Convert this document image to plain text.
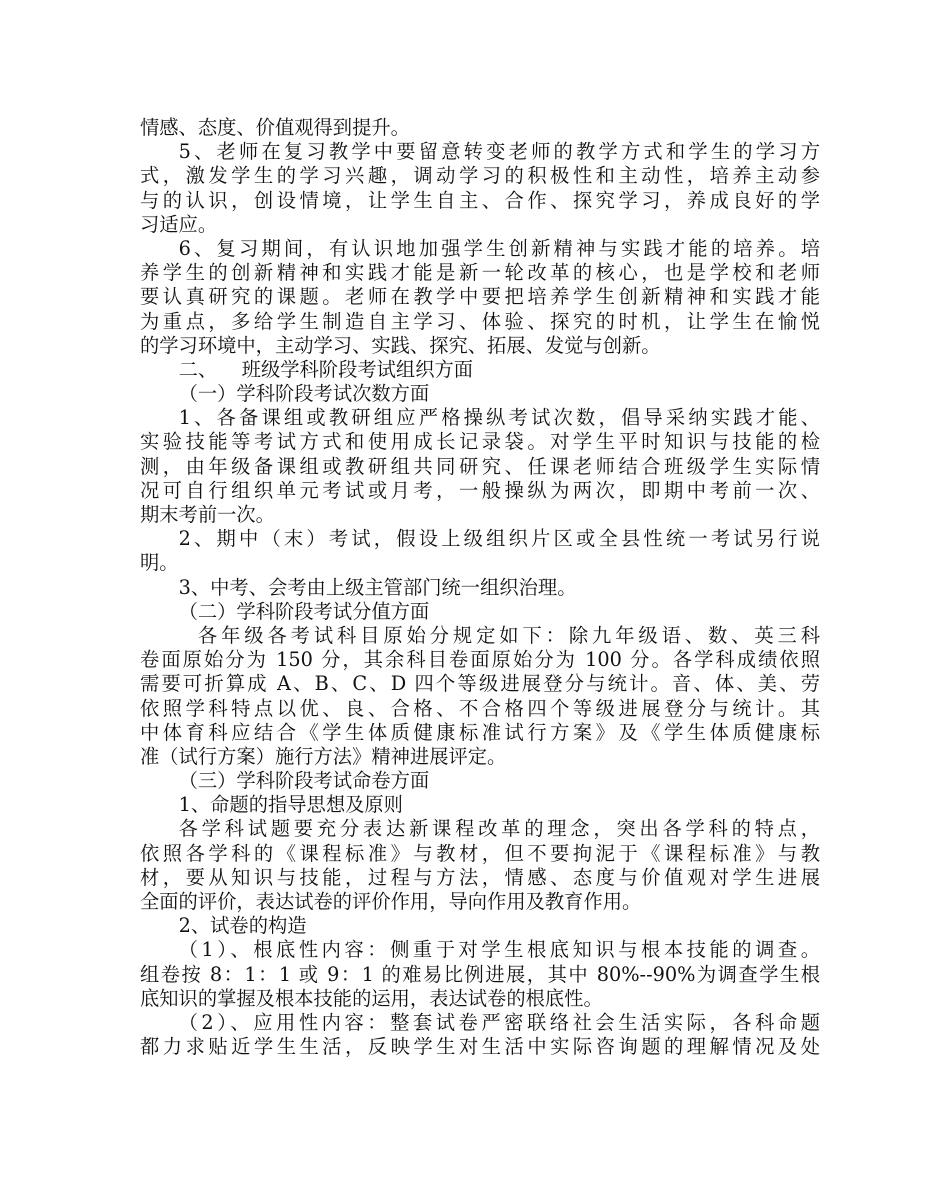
情感、态度、价值观得到提升。
5、老师在复习教学中要留意转变老师的教学方式和学生的学习方
式，激发学生的学习兴趣，调动学习的积极性和主动性，培养主动参
与的认识，创设情境，让学生自主、合作、探究学习，养成良好的学
习适应。
6、复习期间，有认识地加强学生创新精神与实践才能的培养。培
养学生的创新精神和实践才能是新一轮改革的核心，也是学校和老师
要认真研究的课题。老师在教学中要把培养学生创新精神和实践才能
为重点，多给学生制造自主学习、体验、探究的时机，让学生在愉悦
的学习环境中，主动学习、实践、探究、拓展、发觉与创新。
二、    班级学科阶段考试组织方面
（一）学科阶段考试次数方面
1、各备课组或教研组应严格操纵考试次数，倡导采纳实践才能、
实验技能等考试方式和使用成长记录袋。对学生平时知识与技能的检
测，由年级备课组或教研组共同研究、任课老师结合班级学生实际情
况可自行组织单元考试或月考，一般操纵为两次，即期中考前一次、
期末考前一次。
2、期中（末）考试，假设上级组织片区或全县性统一考试另行说
明。
3、中考、会考由上级主管部门统一组织治理。
（二）学科阶段考试分值方面
各年级各考试科目原始分规定如下：除九年级语、数、英三科
卷面原始分为 150 分，其余科目卷面原始分为 100 分。各学科成绩依照
需要可折算成 A、B、C、D 四个等级进展登分与统计。音、体、美、劳
依照学科特点以优、良、合格、不合格四个等级进展登分与统计。其
中体育科应结合《学生体质健康标准试行方案》及《学生体质健康标
准（试行方案）施行方法》精神进展评定。
（三）学科阶段考试命卷方面
1、命题的指导思想及原则
各学科试题要充分表达新课程改革的理念，突出各学科的特点，
依照各学科的《课程标准》与教材，但不要拘泥于《课程标准》与教
材，要从知识与技能，过程与方法，情感、态度与价值观对学生进展
全面的评价，表达试卷的评价作用，导向作用及教育作用。
2、试卷的构造
（1）、根底性内容：侧重于对学生根底知识与根本技能的调查。
组卷按 8：1：1 或 9：1 的难易比例进展，其中 80%--90%为调查学生根
底知识的掌握及根本技能的运用，表达试卷的根底性。
（2）、应用性内容：整套试卷严密联络社会生活实际，各科命题
都力求贴近学生生活，反映学生对生活中实际咨询题的理解情况及处
